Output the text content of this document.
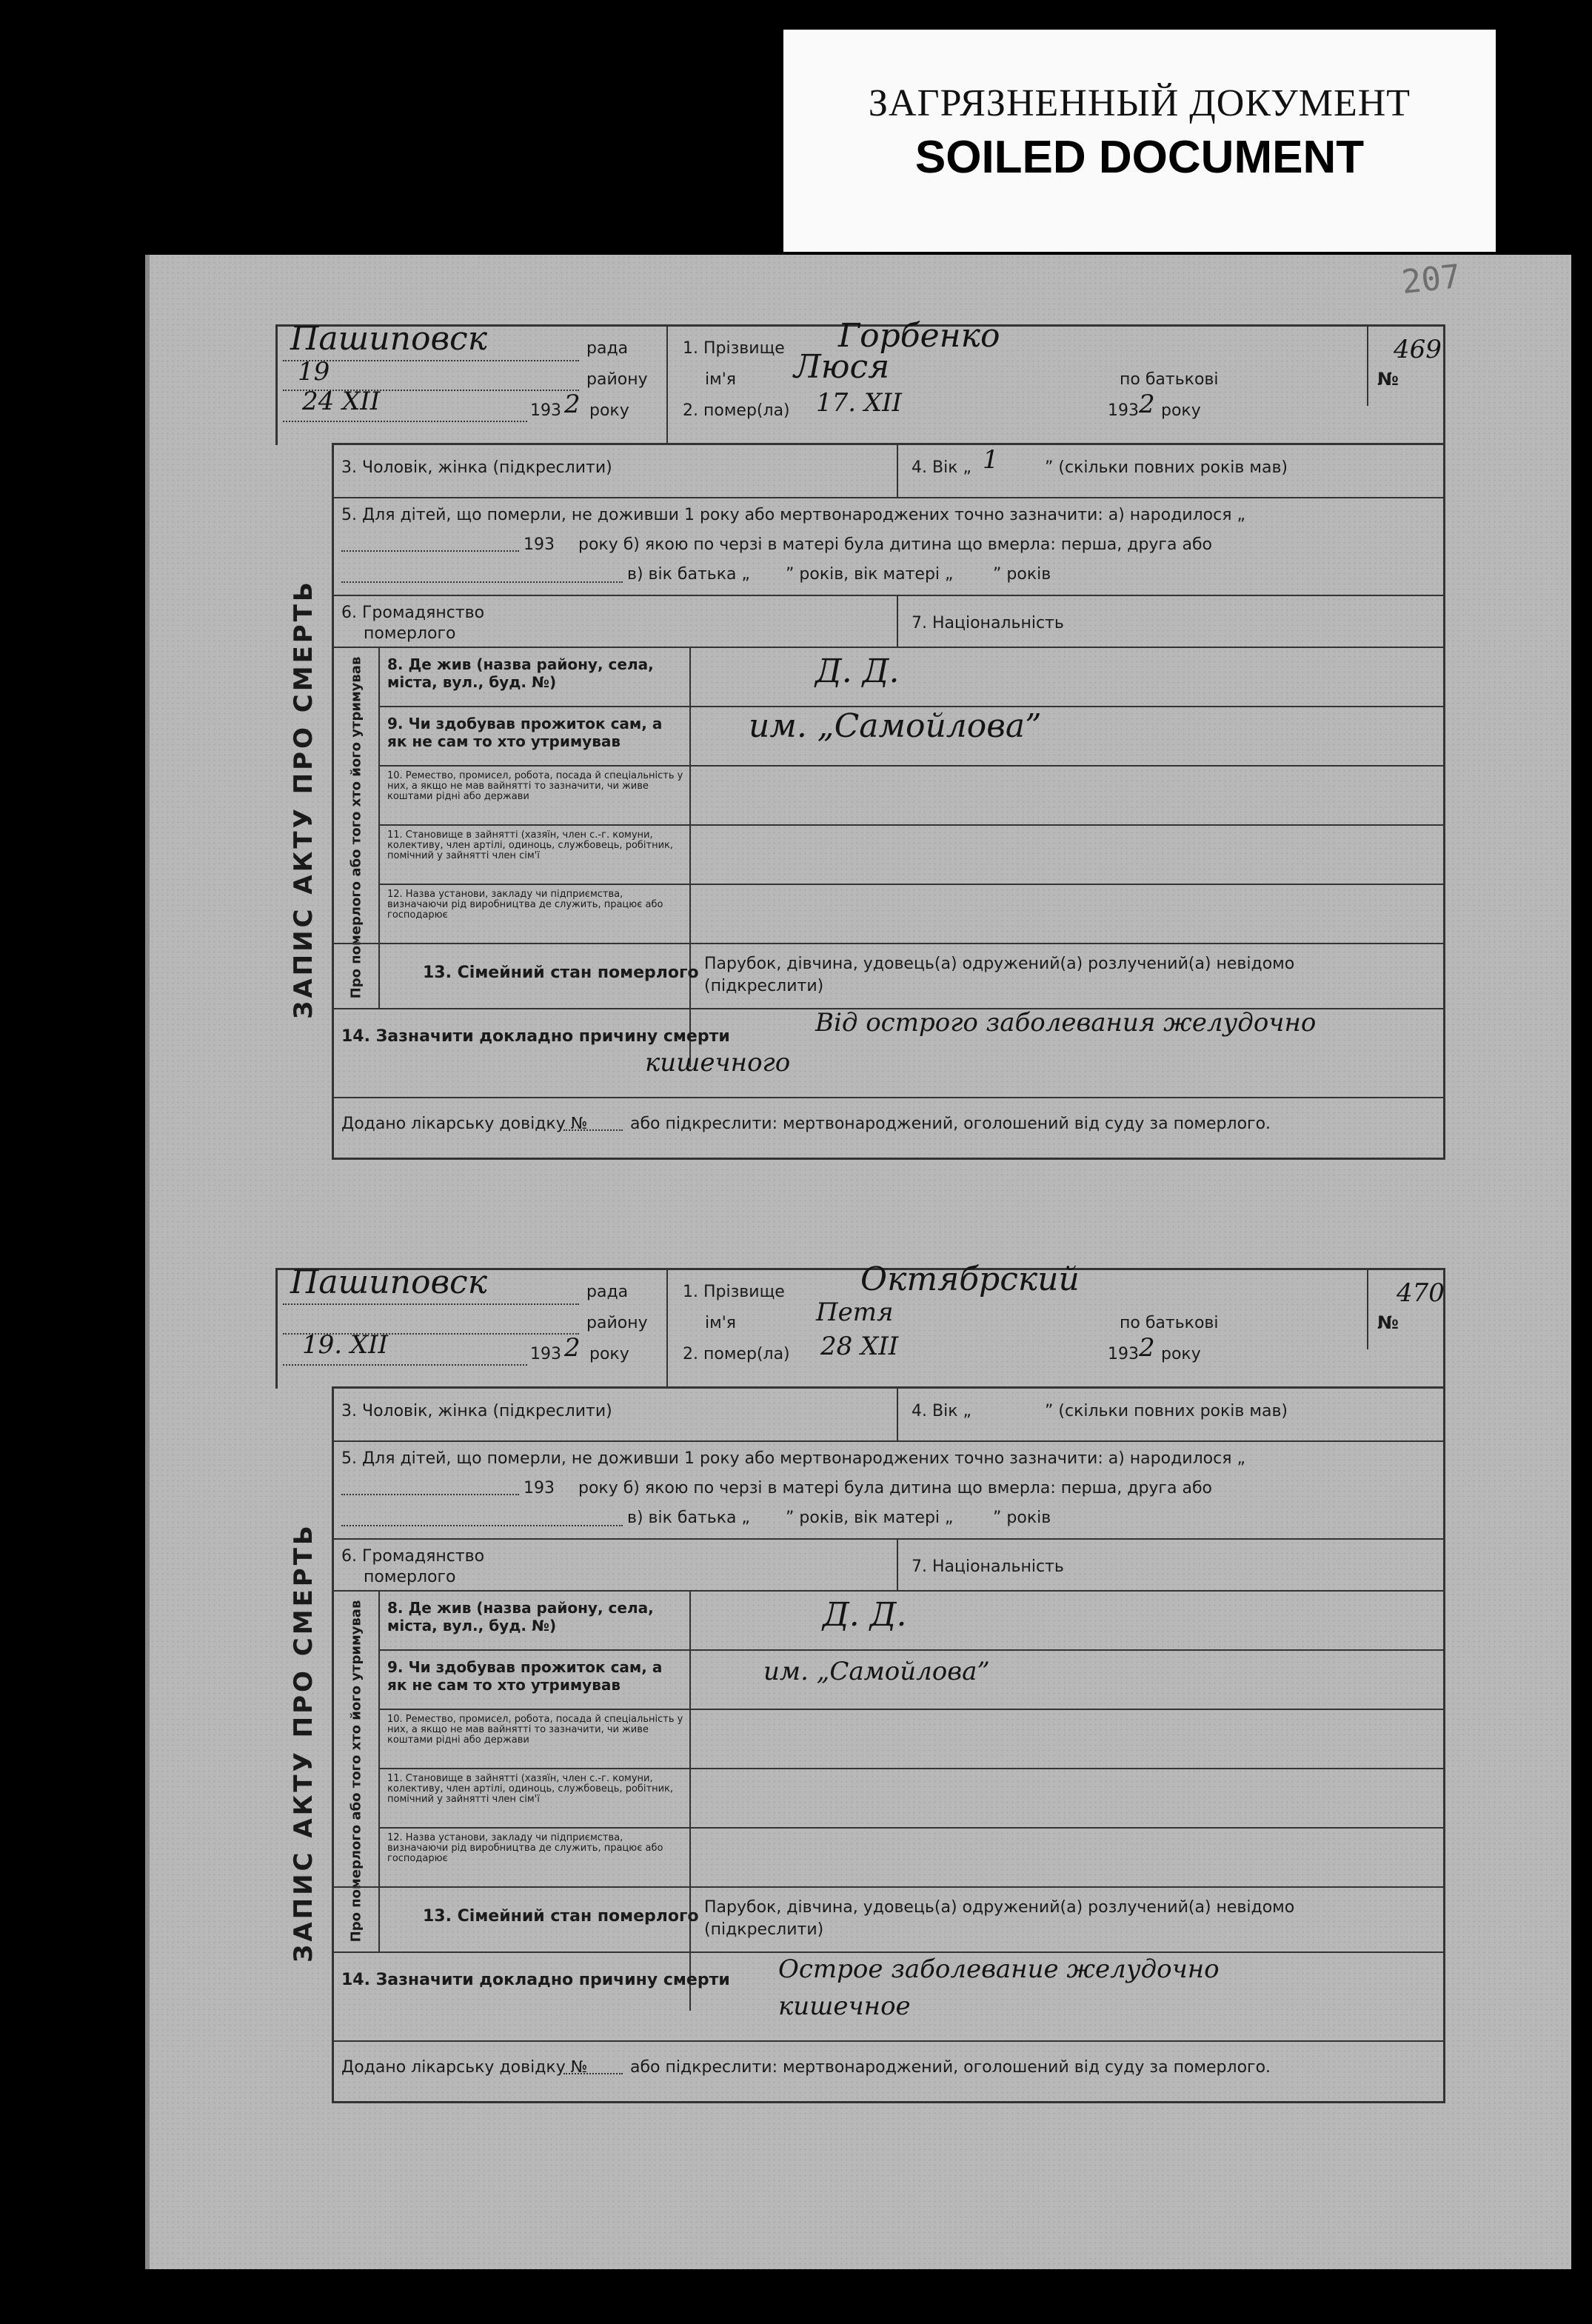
ЗАГРЯЗНЕННЫЙ ДОКУМЕНТ
SOILED DOCUMENT
207
Пашиповск	рада
19	району
24 XII	193 2 року
1. Прізвище Горбенко
ім'я Люся	по батькові
2. помер(ла) 17. XII	193 2 року
№
469
ЗАПИС АКТУ ПРО СМЕРТЬ
3. Чоловік, жінка (підкреслити)	4. Вік „ 1	” (скільки повних років мав)
5. Для дітей, що померли, не доживши 1 року або мертвонароджених точно зазначити: а) народилося „
193 року б) якою по черзі в матері була дитина що вмерла: перша, друга або
в) вік батька „ ” років, вік матері „ ” років
6. Громадянство
померлого
7. Національність
Про померлого або того хто його утримував 8. Де жив (назва району, села, міста, вул., буд. №)	Д. Д.
9. Чи здобував прожиток сам, а як не сам то хто утримував	им. „Самойлова”
10. Ремество, промисел, робота, посада й спеціальність у них, а якщо не мав вайнятті то зазначити, чи живе коштами рідні або держави
11. Становище в зайнятті (хазяїн, член с.-г. комуни, колективу, член артілі, одиноць, службовець, робітник, помічний у зайнятті член сім'ї
12. Назва установи, закладу чи підприємства, визначаючи рід виробництва де служить, працює або господарює
13. Сімейний стан померлого Парубок, дівчина, удовець(а) одружений(а) розлучений(а) невідомо (підкреслити)
14. Зазначити докладно причину смерти	Від острого заболевания желудочно
кишечного
Додано лікарську довідку №	або підкреслити: мертвонароджений, оголошений від суду за померлого.
Пашиповск	рада
району
19. XII	193 2 року
1. Прізвище Октябрский
ім'я	Петя	по батькові
2. помер(ла) 28 XII	193 2 року
№
470
ЗАПИС АКТУ ПРО СМЕРТЬ
3. Чоловік, жінка (підкреслити)	4. Вік „	” (скільки повних років мав)
5. Для дітей, що померли, не доживши 1 року або мертвонароджених точно зазначити: а) народилося „
193 року б) якою по черзі в матері була дитина що вмерла: перша, друга або
в) вік батька „ ” років, вік матері „ ” років
6. Громадянство
померлого
7. Національність
Про померлого або того хто його утримував 8. Де жив (назва району, села, міста, вул., буд. №)	Д. Д.
9. Чи здобував прожиток сам, а як не сам то хто утримував	им. „Самойлова”
10. Ремество, промисел, робота, посада й спеціальність у них, а якщо не мав вайнятті то зазначити, чи живе коштами рідні або держави
11. Становище в зайнятті (хазяїн, член с.-г. комуни, колективу, член артілі, одиноць, службовець, робітник, помічний у зайнятті член сім'ї
12. Назва установи, закладу чи підприємства, визначаючи рід виробництва де служить, працює або господарює
13. Сімейний стан померлого Парубок, дівчина, удовець(а) одружений(а) розлучений(а) невідомо (підкреслити)
14. Зазначити докладно причину смерти Острое заболевание желудочно
кишечное
Додано лікарську довідку №	або підкреслити: мертвонароджений, оголошений від суду за померлого.
